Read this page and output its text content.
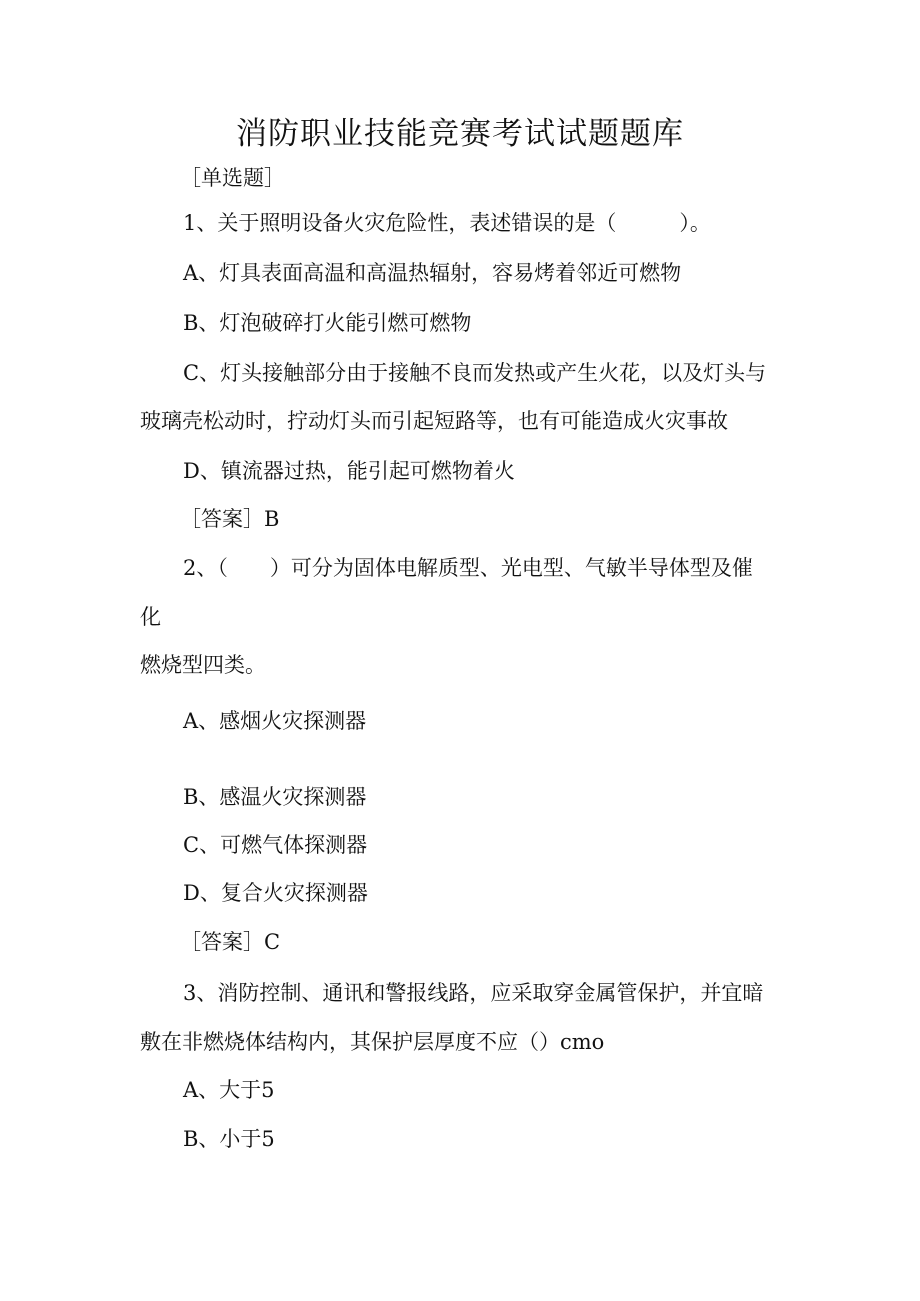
消防职业技能竞赛考试试题题库
［单选题］
1、关于照明设备火灾危险性，表述错误的是（　　　）。
A、灯具表面高温和高温热辐射，容易烤着邻近可燃物
B、灯泡破碎打火能引燃可燃物
C、灯头接触部分由于接触不良而发热或产生火花，以及灯头与
玻璃壳松动时，拧动灯头而引起短路等，也有可能造成火灾事故
D、镇流器过热，能引起可燃物着火
［答案］B
2、（　　）可分为固体电解质型、光电型、气敏半导体型及催
化
燃烧型四类。
A、感烟火灾探测器
B、感温火灾探测器
C、可燃气体探测器
D、复合火灾探测器
［答案］C
3、消防控制、通讯和警报线路，应采取穿金属管保护，并宜暗
敷在非燃烧体结构内，其保护层厚度不应（）cmo
A、大于5
B、小于5
